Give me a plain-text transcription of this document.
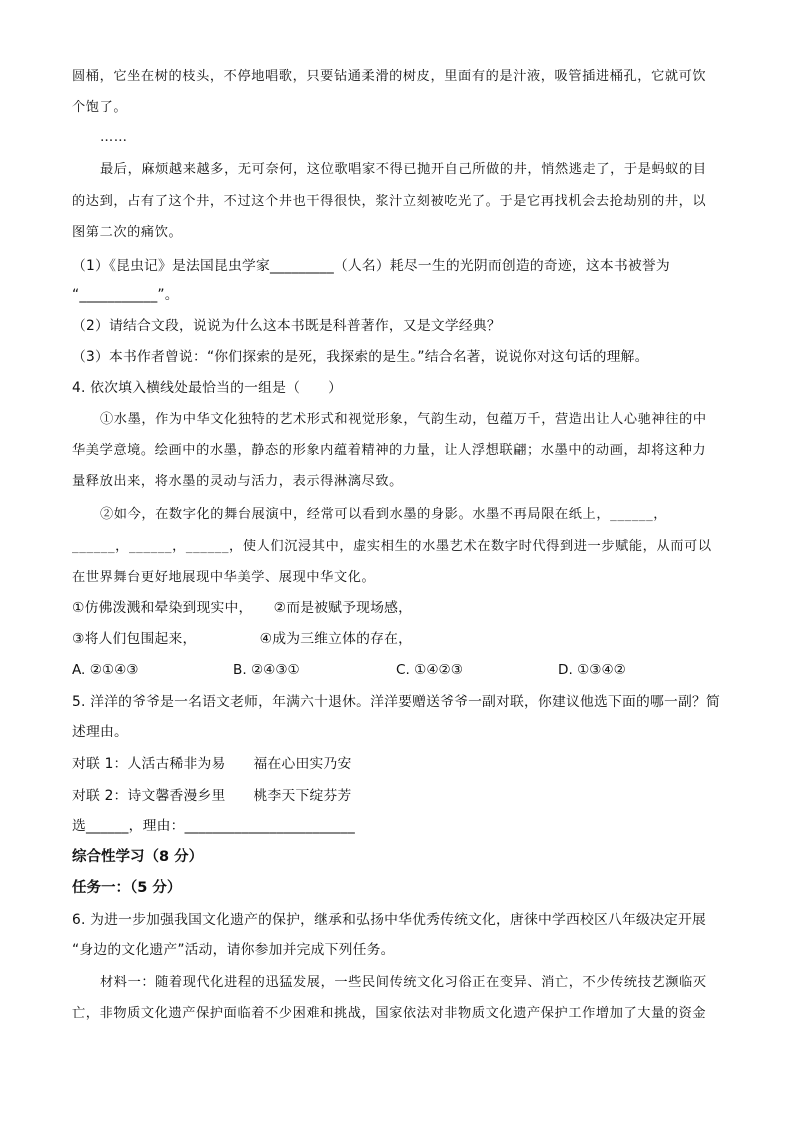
圆桶，它坐在树的枝头，不停地唱歌，只要钻通柔滑的树皮，里面有的是汁液，吸管插进桶孔，它就可饮
个饱了。
……
最后，麻烦越来越多，无可奈何，这位歌唱家不得已抛开自己所做的井，悄然逃走了，于是蚂蚁的目
的达到，占有了这个井，不过这个井也干得很快，浆汁立刻被吃光了。于是它再找机会去抢劫别的井，以
图第二次的痛饮。
（1）《昆虫记》是法国昆虫学家_________（人名）耗尽一生的光阴而创造的奇迹，这本书被誉为
“___________”。
（2）请结合文段，说说为什么这本书既是科普著作，又是文学经典？
（3）本书作者曾说：“你们探索的是死，我探索的是生。”结合名著，说说你对这句话的理解。
4. 依次填入横线处最恰当的一组是（　　）
①水墨，作为中华文化独特的艺术形式和视觉形象，气韵生动，包蕴万千，营造出让人心驰神往的中
华美学意境。绘画中的水墨，静态的形象内蕴着精神的力量，让人浮想联翩；水墨中的动画，却将这种力
量释放出来，将水墨的灵动与活力，表示得淋漓尽致。
②如今，在数字化的舞台展演中，经常可以看到水墨的身影。水墨不再局限在纸上，______，
______，______，______，使人们沉浸其中，虚实相生的水墨艺术在数字时代得到进一步赋能，从而可以
在世界舞台更好地展现中华美学、展现中华文化。
①仿佛泼溅和晕染到现实中，　　②而是被赋予现场感，
③将人们包围起来，　　　　　④成为三维立体的存在，
A. ②①④③	B. ②④③①	C. ①④②③	D. ①③④②
5. 洋洋的爷爷是一名语文老师，年满六十退休。洋洋要赠送爷爷一副对联，你建议他选下面的哪一副？简
述理由。
对联 1：人活古稀非为易　　福在心田实乃安
对联 2：诗文馨香漫乡里　　桃李天下绽芬芳
选______，理由：________________________
综合性学习（8 分）
任务一：（5 分）
6. 为进一步加强我国文化遗产的保护，继承和弘扬中华优秀传统文化，唐徕中学西校区八年级决定开展
“身边的文化遗产”活动，请你参加并完成下列任务。
材料一：随着现代化进程的迅猛发展，一些民间传统文化习俗正在变异、消亡，不少传统技艺濒临灭
亡，非物质文化遗产保护面临着不少困难和挑战，国家依法对非物质文化遗产保护工作增加了大量的资金
